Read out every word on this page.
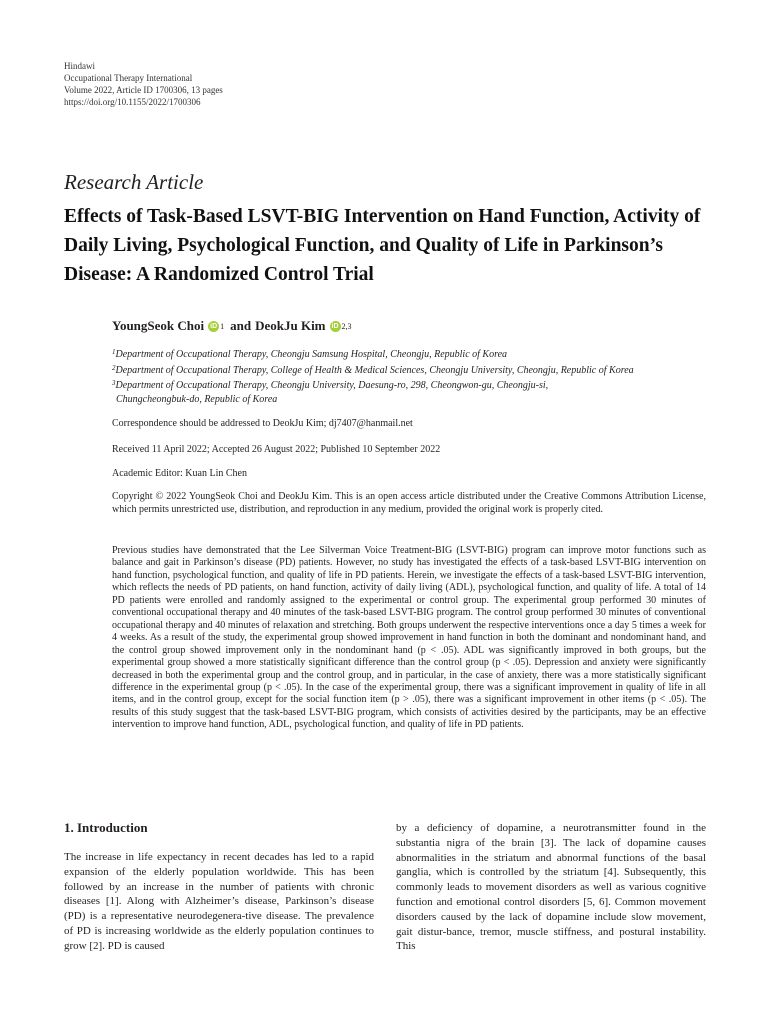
Hindawi
Occupational Therapy International
Volume 2022, Article ID 1700306, 13 pages
https://doi.org/10.1155/2022/1700306
Research Article
Effects of Task-Based LSVT-BIG Intervention on Hand Function, Activity of Daily Living, Psychological Function, and Quality of Life in Parkinson’s Disease: A Randomized Control Trial
YoungSeok Choi iD 1 and DeokJu Kim iD 2,3
$^1$Department of Occupational Therapy, Cheongju Samsung Hospital, Cheongju, Republic of Korea
$^2$Department of Occupational Therapy, College of Health & Medical Sciences, Cheongju University, Cheongju, Republic of Korea
$^3$Department of Occupational Therapy, Cheongju University, Daesung-ro, 298, Cheongwon-gu, Cheongju-si,
Chungcheongbuk-do, Republic of Korea
Correspondence should be addressed to DeokJu Kim; dj7407@hanmail.net
Received 11 April 2022; Accepted 26 August 2022; Published 10 September 2022
Academic Editor: Kuan Lin Chen
Copyright © 2022 YoungSeok Choi and DeokJu Kim. This is an open access article distributed under the Creative Commons Attribution License, which permits unrestricted use, distribution, and reproduction in any medium, provided the original work is properly cited.
Previous studies have demonstrated that the Lee Silverman Voice Treatment-BIG (LSVT-BIG) program can improve motor functions such as balance and gait in Parkinson’s disease (PD) patients. However, no study has investigated the effects of a task-based LSVT-BIG intervention on hand function, psychological function, and quality of life in PD patients. Herein, we investigate the effects of a task-based LSVT-BIG intervention, which reflects the needs of PD patients, on hand function, activity of daily living (ADL), psychological function, and quality of life. A total of 14 PD patients were enrolled and randomly assigned to the experimental or control group. The experimental group performed 30 minutes of conventional occupational therapy and 40 minutes of the task-based LSVT-BIG program. The control group performed 30 minutes of conventional occupational therapy and 40 minutes of relaxation and stretching. Both groups underwent the respective interventions once a day 5 times a week for 4 weeks. As a result of the study, the experimental group showed improvement in hand function in both the dominant and nondominant hand, and the control group showed improvement only in the nondominant hand (p < .05). ADL was significantly improved in both groups, but the experimental group showed a more statistically significant difference than the control group (p < .05). Depression and anxiety were significantly decreased in both the experimental group and the control group, and in particular, in the case of anxiety, there was a more statistically significant difference in the experimental group (p < .05). In the case of the experimental group, there was a significant improvement in quality of life in all items, and in the control group, except for the social function item (p > .05), there was a significant improvement in other items (p < .05). The results of this study suggest that the task-based LSVT-BIG program, which consists of activities desired by the participants, may be an effective intervention to improve hand function, ADL, psychological function, and quality of life in PD patients.
1. Introduction

The increase in life expectancy in recent decades has led to a rapid expansion of the elderly population worldwide. This has been followed by an increase in the number of patients with chronic diseases [1]. Along with Alzheimer’s disease, Parkinson’s disease (PD) is a representative neurodegenera-tive disease. The prevalence of PD is increasing worldwide as the elderly population continues to grow [2]. PD is caused

by a deficiency of dopamine, a neurotransmitter found in the substantia nigra of the brain [3]. The lack of dopamine causes abnormalities in the striatum and abnormal functions of the basal ganglia, which is controlled by the striatum [4]. Subsequently, this commonly leads to movement disorders as well as various cognitive function and emotional control disorders [5, 6]. Common movement disorders caused by the lack of dopamine include slow movement, gait distur-bance, tremor, muscle stiffness, and postural instability. This
